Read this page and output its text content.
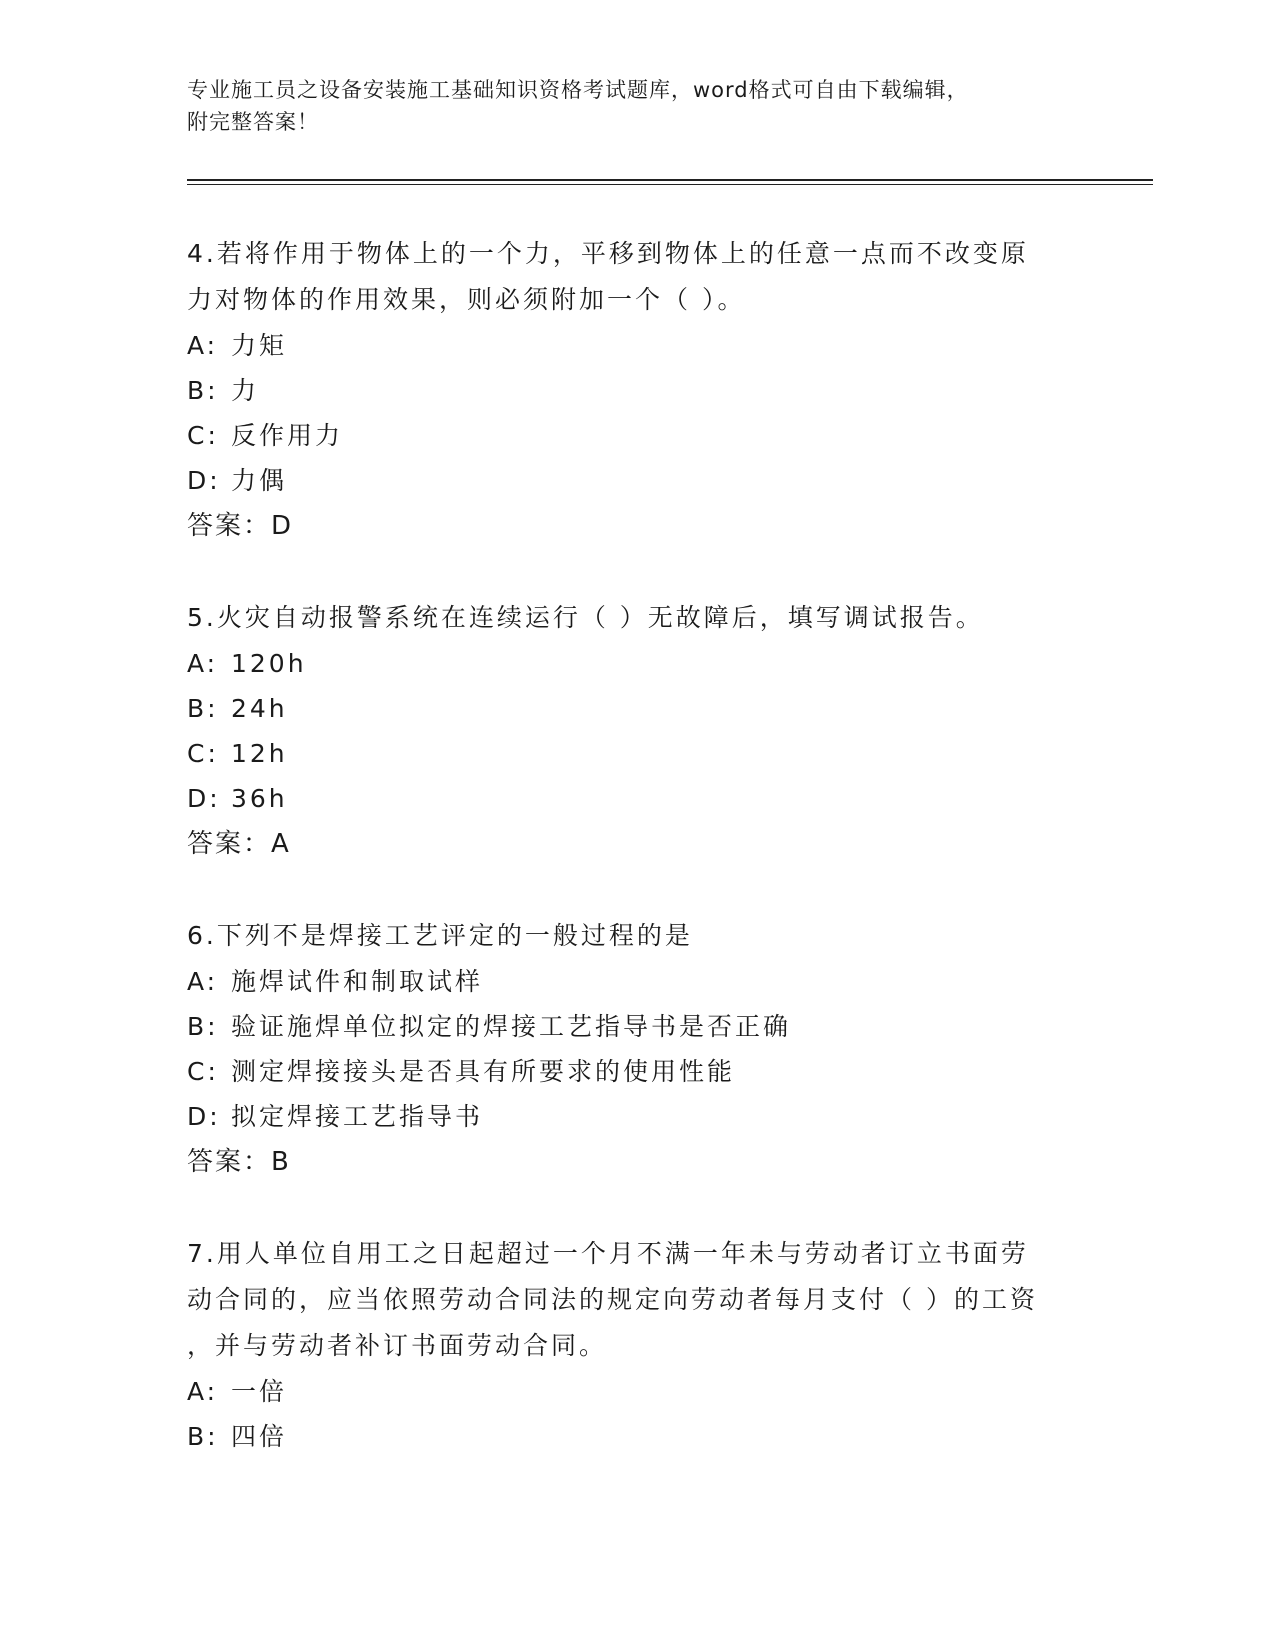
专业施工员之设备安装施工基础知识资格考试题库，word格式可自由下载编辑，
附完整答案！
4.若将作用于物体上的一个力，平移到物体上的任意一点而不改变原
力对物体的作用效果，则必须附加一个（ ）。
A: 力矩
B: 力
C: 反作用力
D: 力偶
答案：D
5.火灾自动报警系统在连续运行（ ）无故障后，填写调试报告。
A: 120h
B: 24h
C: 12h
D: 36h
答案：A
6.下列不是焊接工艺评定的一般过程的是
A: 施焊试件和制取试样
B: 验证施焊单位拟定的焊接工艺指导书是否正确
C: 测定焊接接头是否具有所要求的使用性能
D: 拟定焊接工艺指导书
答案：B
7.用人单位自用工之日起超过一个月不满一年未与劳动者订立书面劳
动合同的，应当依照劳动合同法的规定向劳动者每月支付（ ）的工资
，并与劳动者补订书面劳动合同。
A: 一倍
B: 四倍
